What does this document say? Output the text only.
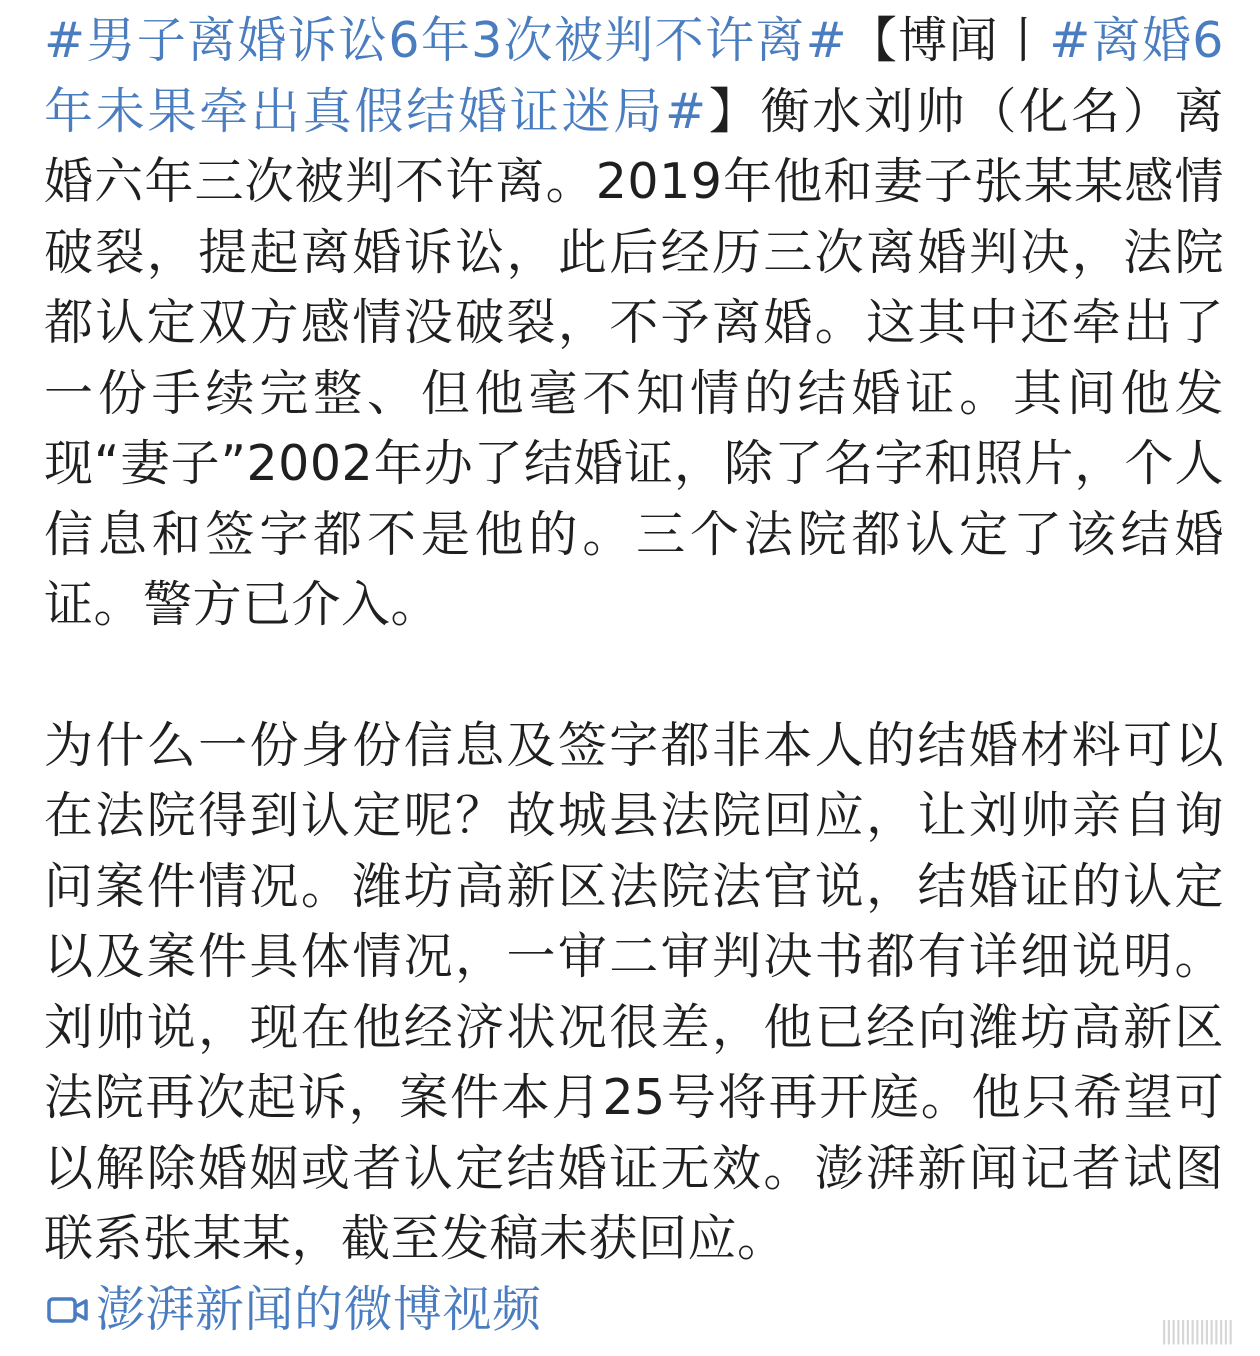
#男子离婚诉讼6年3次被判不许离#【博闻丨#离婚6年未果牵出真假结婚证迷局#】衡水刘帅（化名）离婚六年三次被判不许离。2019年他和妻子张某某感情破裂，提起离婚诉讼，此后经历三次离婚判决，法院都认定双方感情没破裂，不予离婚。这其中还牵出了一份手续完整、但他毫不知情的结婚证。其间他发现“妻子”2002年办了结婚证，除了名字和照片，个人信息和签字都不是他的。三个法院都认定了该结婚证。警方已介入。

为什么一份身份信息及签字都非本人的结婚材料可以在法院得到认定呢？故城县法院回应，让刘帅亲自询问案件情况。潍坊高新区法院法官说，结婚证的认定以及案件具体情况，一审二审判决书都有详细说明。刘帅说，现在他经济状况很差，他已经向潍坊高新区法院再次起诉，案件本月25号将再开庭。他只希望可以解除婚姻或者认定结婚证无效。澎湃新闻记者试图联系张某某，截至发稿未获回应。

澎湃新闻的微博视频	|||||||||||||||
